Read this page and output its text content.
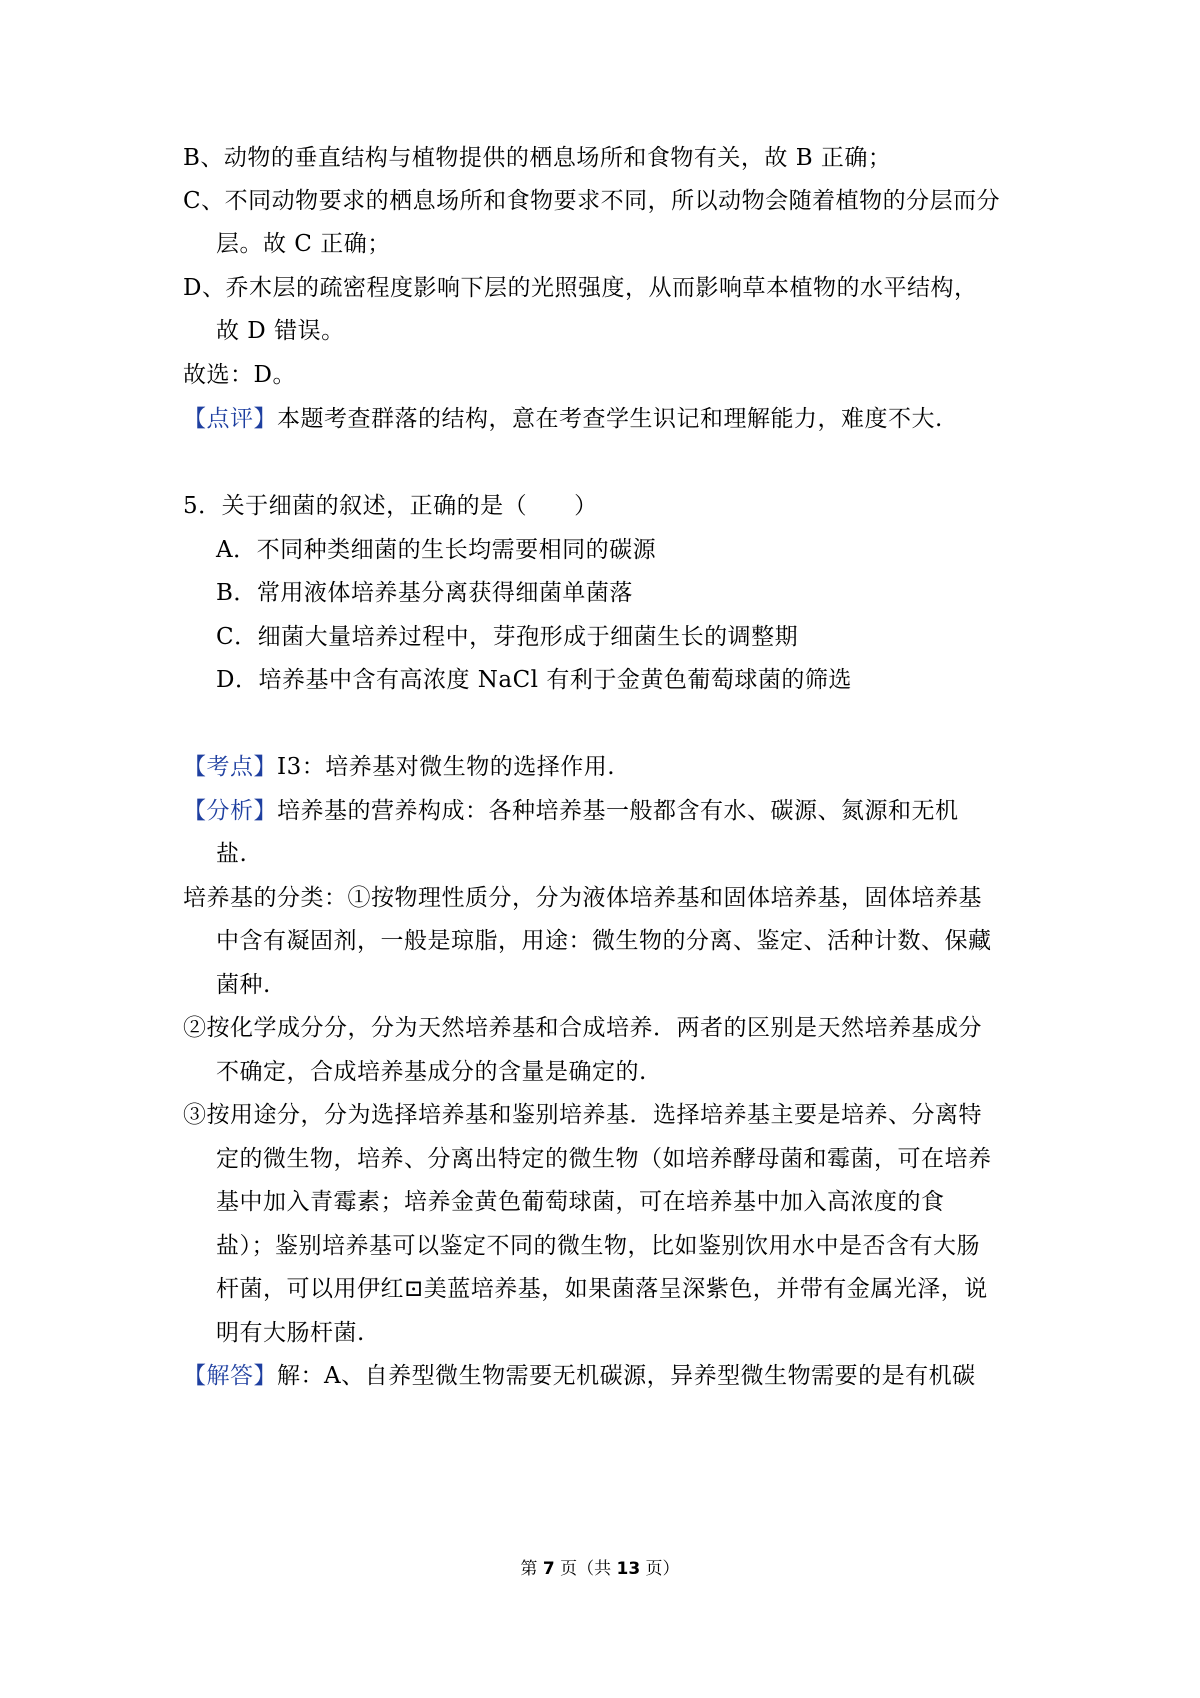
B、动物的垂直结构与植物提供的栖息场所和食物有关，故 B 正确；
C、不同动物要求的栖息场所和食物要求不同，所以动物会随着植物的分层而分
层。故 C 正确；
D、乔木层的疏密程度影响下层的光照强度，从而影响草本植物的水平结构，
故 D 错误。
故选：D。
【点评】本题考查群落的结构，意在考查学生识记和理解能力，难度不大.
5．关于细菌的叙述，正确的是（　　）
A．不同种类细菌的生长均需要相同的碳源
B．常用液体培养基分离获得细菌单菌落
C．细菌大量培养过程中，芽孢形成于细菌生长的调整期
D．培养基中含有高浓度 NaCl 有利于金黄色葡萄球菌的筛选
【考点】I3：培养基对微生物的选择作用.
【分析】培养基的营养构成：各种培养基一般都含有水、碳源、氮源和无机
盐.
培养基的分类：①按物理性质分，分为液体培养基和固体培养基，固体培养基
中含有凝固剂，一般是琼脂，用途：微生物的分离、鉴定、活种计数、保藏
菌种.
②按化学成分分，分为天然培养基和合成培养．两者的区别是天然培养基成分
不确定，合成培养基成分的含量是确定的.
③按用途分，分为选择培养基和鉴别培养基．选择培养基主要是培养、分离特
定的微生物，培养、分离出特定的微生物（如培养酵母菌和霉菌，可在培养
基中加入青霉素；培养金黄色葡萄球菌，可在培养基中加入高浓度的食
盐）；鉴别培养基可以鉴定不同的微生物，比如鉴别饮用水中是否含有大肠
杆菌，可以用伊红⊡美蓝培养基，如果菌落呈深紫色，并带有金属光泽，说
明有大肠杆菌.
【解答】解：A、自养型微生物需要无机碳源，异养型微生物需要的是有机碳
第 7 页（共 13 页）
